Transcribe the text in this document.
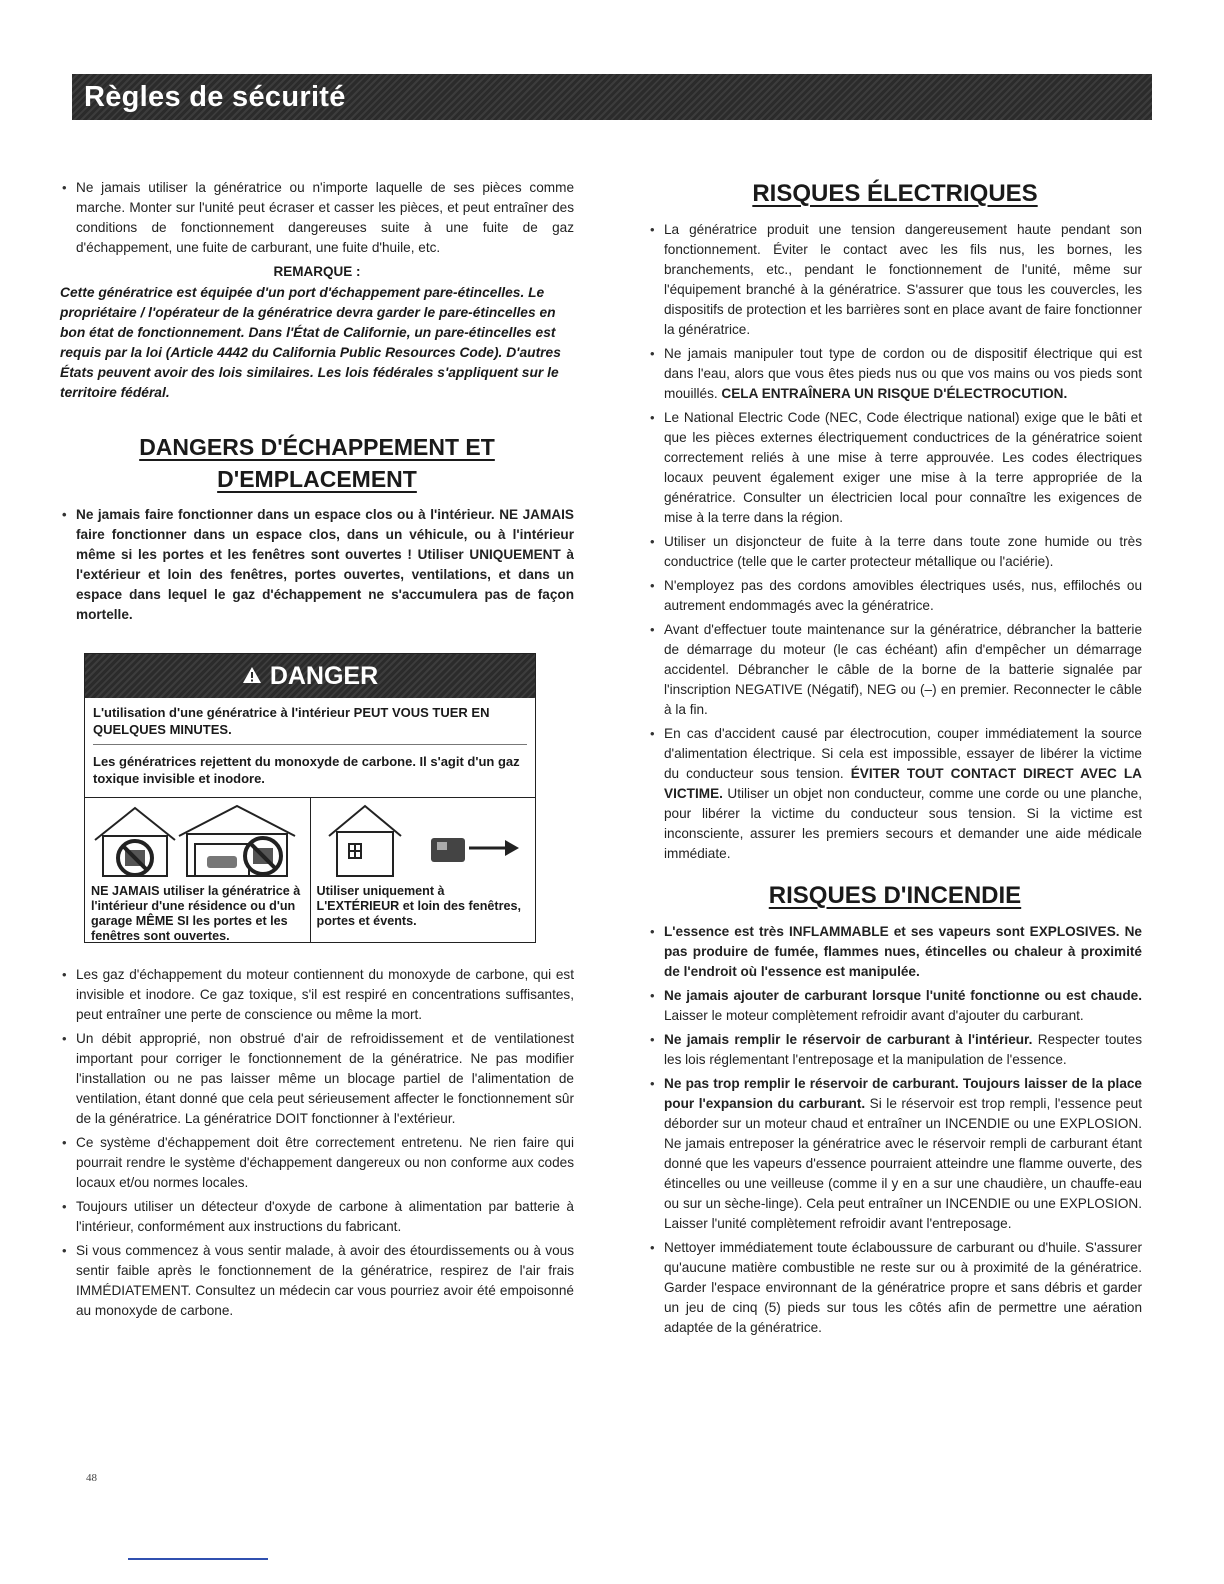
Règles de sécurité
• Ne jamais utiliser la génératrice ou n'importe laquelle de ses pièces comme marche. Monter sur l'unité peut écraser et casser les pièces, et peut entraîner des conditions de fonctionnement dangereuses suite à une fuite de gaz d'échappement, une fuite de carburant, une fuite d'huile, etc.
REMARQUE :
Cette génératrice est équipée d'un port d'échappement pare-étincelles. Le propriétaire / l'opérateur de la génératrice devra garder le pare-étincelles en bon état de fonctionnement. Dans l'État de Californie, un pare-étincelles est requis par la loi (Article 4442 du California Public Resources Code). D'autres États peuvent avoir des lois similaires. Les lois fédérales s'appliquent sur le territoire fédéral.
DANGERS D'ÉCHAPPEMENT ET
D'EMPLACEMENT
• Ne jamais faire fonctionner dans un espace clos ou à l'intérieur. NE JAMAIS faire fonctionner dans un espace clos, dans un véhicule, ou à l'intérieur même si les portes et les fenêtres sont ouvertes ! Utiliser UNIQUEMENT à l'extérieur et loin des fenêtres, portes ouvertes, ventilations, et dans un espace dans lequel le gaz d'échappement ne s'accumulera pas de façon mortelle.
DANGER
L'utilisation d'une génératrice à l'intérieur PEUT VOUS TUER EN QUELQUES MINUTES.
Les génératrices rejettent du monoxyde de carbone. Il s'agit d'un gaz toxique invisible et inodore.
NE JAMAIS utiliser la génératrice à l'intérieur d'une résidence ou d'un garage MÊME SI les portes et les fenêtres sont ouvertes.
Utiliser uniquement à L'EXTÉRIEUR et loin des fenêtres, portes et évents.
• Les gaz d'échappement du moteur contiennent du monoxyde de carbone, qui est invisible et inodore. Ce gaz toxique, s'il est respiré en concentrations suffisantes, peut entraîner une perte de conscience ou même la mort.
• Un débit approprié, non obstrué d'air de refroidissement et de ventilationest important pour corriger le fonctionnement de la génératrice. Ne pas modifier l'installation ou ne pas laisser même un blocage partiel de l'alimentation de ventilation, étant donné que cela peut sérieusement affecter le fonctionnement sûr de la génératrice. La génératrice DOIT fonctionner à l'extérieur.
• Ce système d'échappement doit être correctement entretenu. Ne rien faire qui pourrait rendre le système d'échappement dangereux ou non conforme aux codes locaux et/ou normes locales.
• Toujours utiliser un détecteur d'oxyde de carbone à alimentation par batterie à l'intérieur, conformément aux instructions du fabricant.
• Si vous commencez à vous sentir malade, à avoir des étourdissements ou à vous sentir faible après le fonctionnement de la génératrice, respirez de l'air frais IMMÉDIATEMENT. Consultez un médecin car vous pourriez avoir été empoisonné au monoxyde de carbone.
RISQUES ÉLECTRIQUES
• La génératrice produit une tension dangereusement haute pendant son fonctionnement. Éviter le contact avec les fils nus, les bornes, les branchements, etc., pendant le fonctionnement de l'unité, même sur l'équipement branché à la génératrice. S'assurer que tous les couvercles, les dispositifs de protection et les barrières sont en place avant de faire fonctionner la génératrice.
• Ne jamais manipuler tout type de cordon ou de dispositif électrique qui est dans l'eau, alors que vous êtes pieds nus ou que vos mains ou vos pieds sont mouillés. CELA ENTRAÎNERA UN RISQUE D'ÉLECTROCUTION.
• Le National Electric Code (NEC, Code électrique national) exige que le bâti et que les pièces externes électriquement conductrices de la génératrice soient correctement reliés à une mise à terre approuvée. Les codes électriques locaux peuvent également exiger une mise à la terre appropriée de la génératrice. Consulter un électricien local pour connaître les exigences de mise à la terre dans la région.
• Utiliser un disjoncteur de fuite à la terre dans toute zone humide ou très conductrice (telle que le carter protecteur métallique ou l'aciérie).
• N'employez pas des cordons amovibles électriques usés, nus, effilochés ou autrement endommagés avec la génératrice.
• Avant d'effectuer toute maintenance sur la génératrice, débrancher la batterie de démarrage du moteur (le cas échéant) afin d'empêcher un démarrage accidentel. Débrancher le câble de la borne de la batterie signalée par l'inscription NEGATIVE (Négatif), NEG ou (–) en premier. Reconnecter le câble à la fin.
• En cas d'accident causé par électrocution, couper immédiatement la source d'alimentation électrique. Si cela est impossible, essayer de libérer la victime du conducteur sous tension. ÉVITER TOUT CONTACT DIRECT AVEC LA VICTIME. Utiliser un objet non conducteur, comme une corde ou une planche, pour libérer la victime du conducteur sous tension. Si la victime est inconsciente, assurer les premiers secours et demander une aide médicale immédiate.
RISQUES D'INCENDIE
• L'essence est très INFLAMMABLE et ses vapeurs sont EXPLOSIVES. Ne pas produire de fumée, flammes nues, étincelles ou chaleur à proximité de l'endroit où l'essence est manipulée.
• Ne jamais ajouter de carburant lorsque l'unité fonctionne ou est chaude. Laisser le moteur complètement refroidir avant d'ajouter du carburant.
• Ne jamais remplir le réservoir de carburant à l'intérieur. Respecter toutes les lois réglementant l'entreposage et la manipulation de l'essence.
• Ne pas trop remplir le réservoir de carburant. Toujours laisser de la place pour l'expansion du carburant. Si le réservoir est trop rempli, l'essence peut déborder sur un moteur chaud et entraîner un INCENDIE ou une EXPLOSION. Ne jamais entreposer la génératrice avec le réservoir rempli de carburant étant donné que les vapeurs d'essence pourraient atteindre une flamme ouverte, des étincelles ou une veilleuse (comme il y en a sur une chaudière, un chauffe-eau ou sur un sèche-linge). Cela peut entraîner un INCENDIE ou une EXPLOSION. Laisser l'unité complètement refroidir avant l'entreposage.
• Nettoyer immédiatement toute éclaboussure de carburant ou d'huile. S'assurer qu'aucune matière combustible ne reste sur ou à proximité de la génératrice. Garder l'espace environnant de la génératrice propre et sans débris et garder un jeu de cinq (5) pieds sur tous les côtés afin de permettre une aération adaptée de la génératrice.
48
